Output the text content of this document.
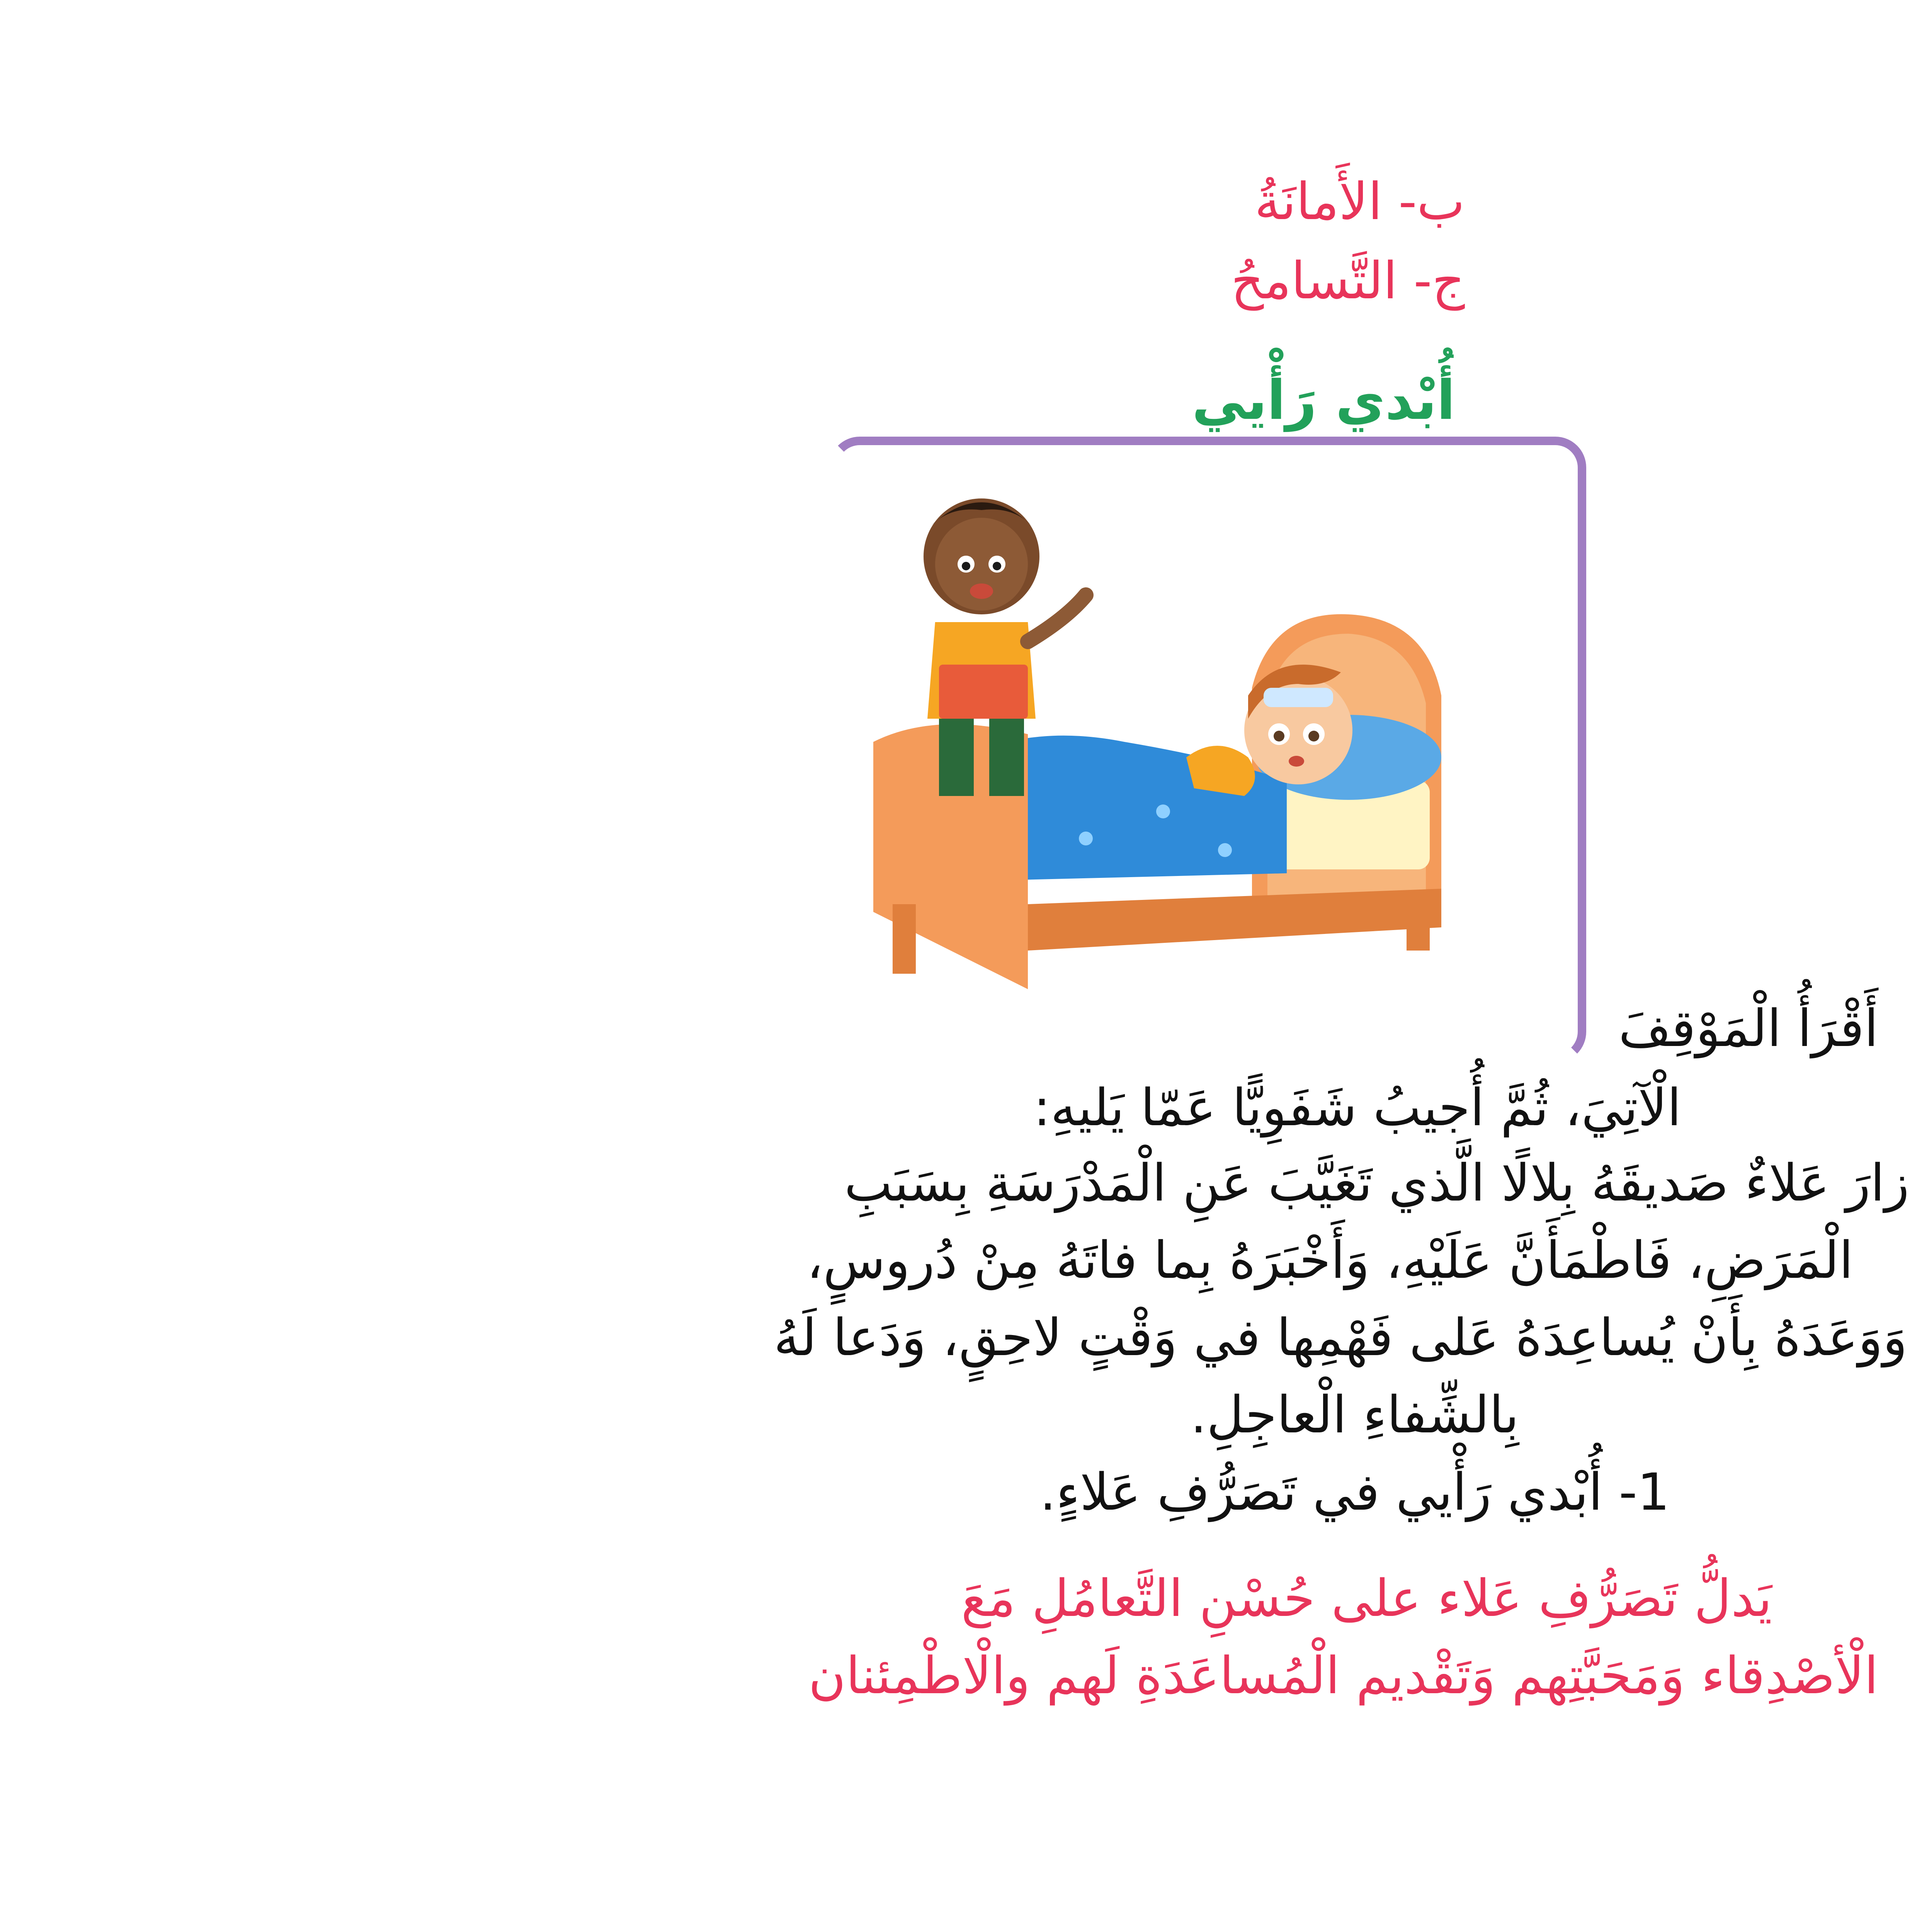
ب- الأَمانَةُ

ج- التَّسامحُ

أُبْدي رَأْيي

أَقْرَأُ الْمَوْقِفَ

الْآتِيَ، ثُمَّ أُجيبُ شَفَوِيًّا عَمّا يَليهِ:

زارَ عَلاءٌ صَديقَهُ بِلالًا الَّذي تَغَيَّبَ عَنِ الْمَدْرَسَةِ بِسَبَبِ

الْمَرَضِ، فَاطْمَأَنَّ عَلَيْهِ، وَأَخْبَرَهُ بِما فاتَهُ مِنْ دُروسٍ،

وَوَعَدَهُ بِأَنْ يُساعِدَهُ عَلى فَهْمِها في وَقْتٍ لاحِقٍ، وَدَعا لَهُ

بِالشِّفاءِ الْعاجِلِ.

1- أُبْدي رَأْيي في تَصَرُّفِ عَلاءٍ.

يَدلُّ تَصَرُّفِ عَلاء على حُسْنِ التَّعامُلِ مَعَ

الْأصْدِقاء وَمَحَبَّتِهم وَتَقْديم الْمُساعَدَةِ لَهم والْاطْمِئنان
